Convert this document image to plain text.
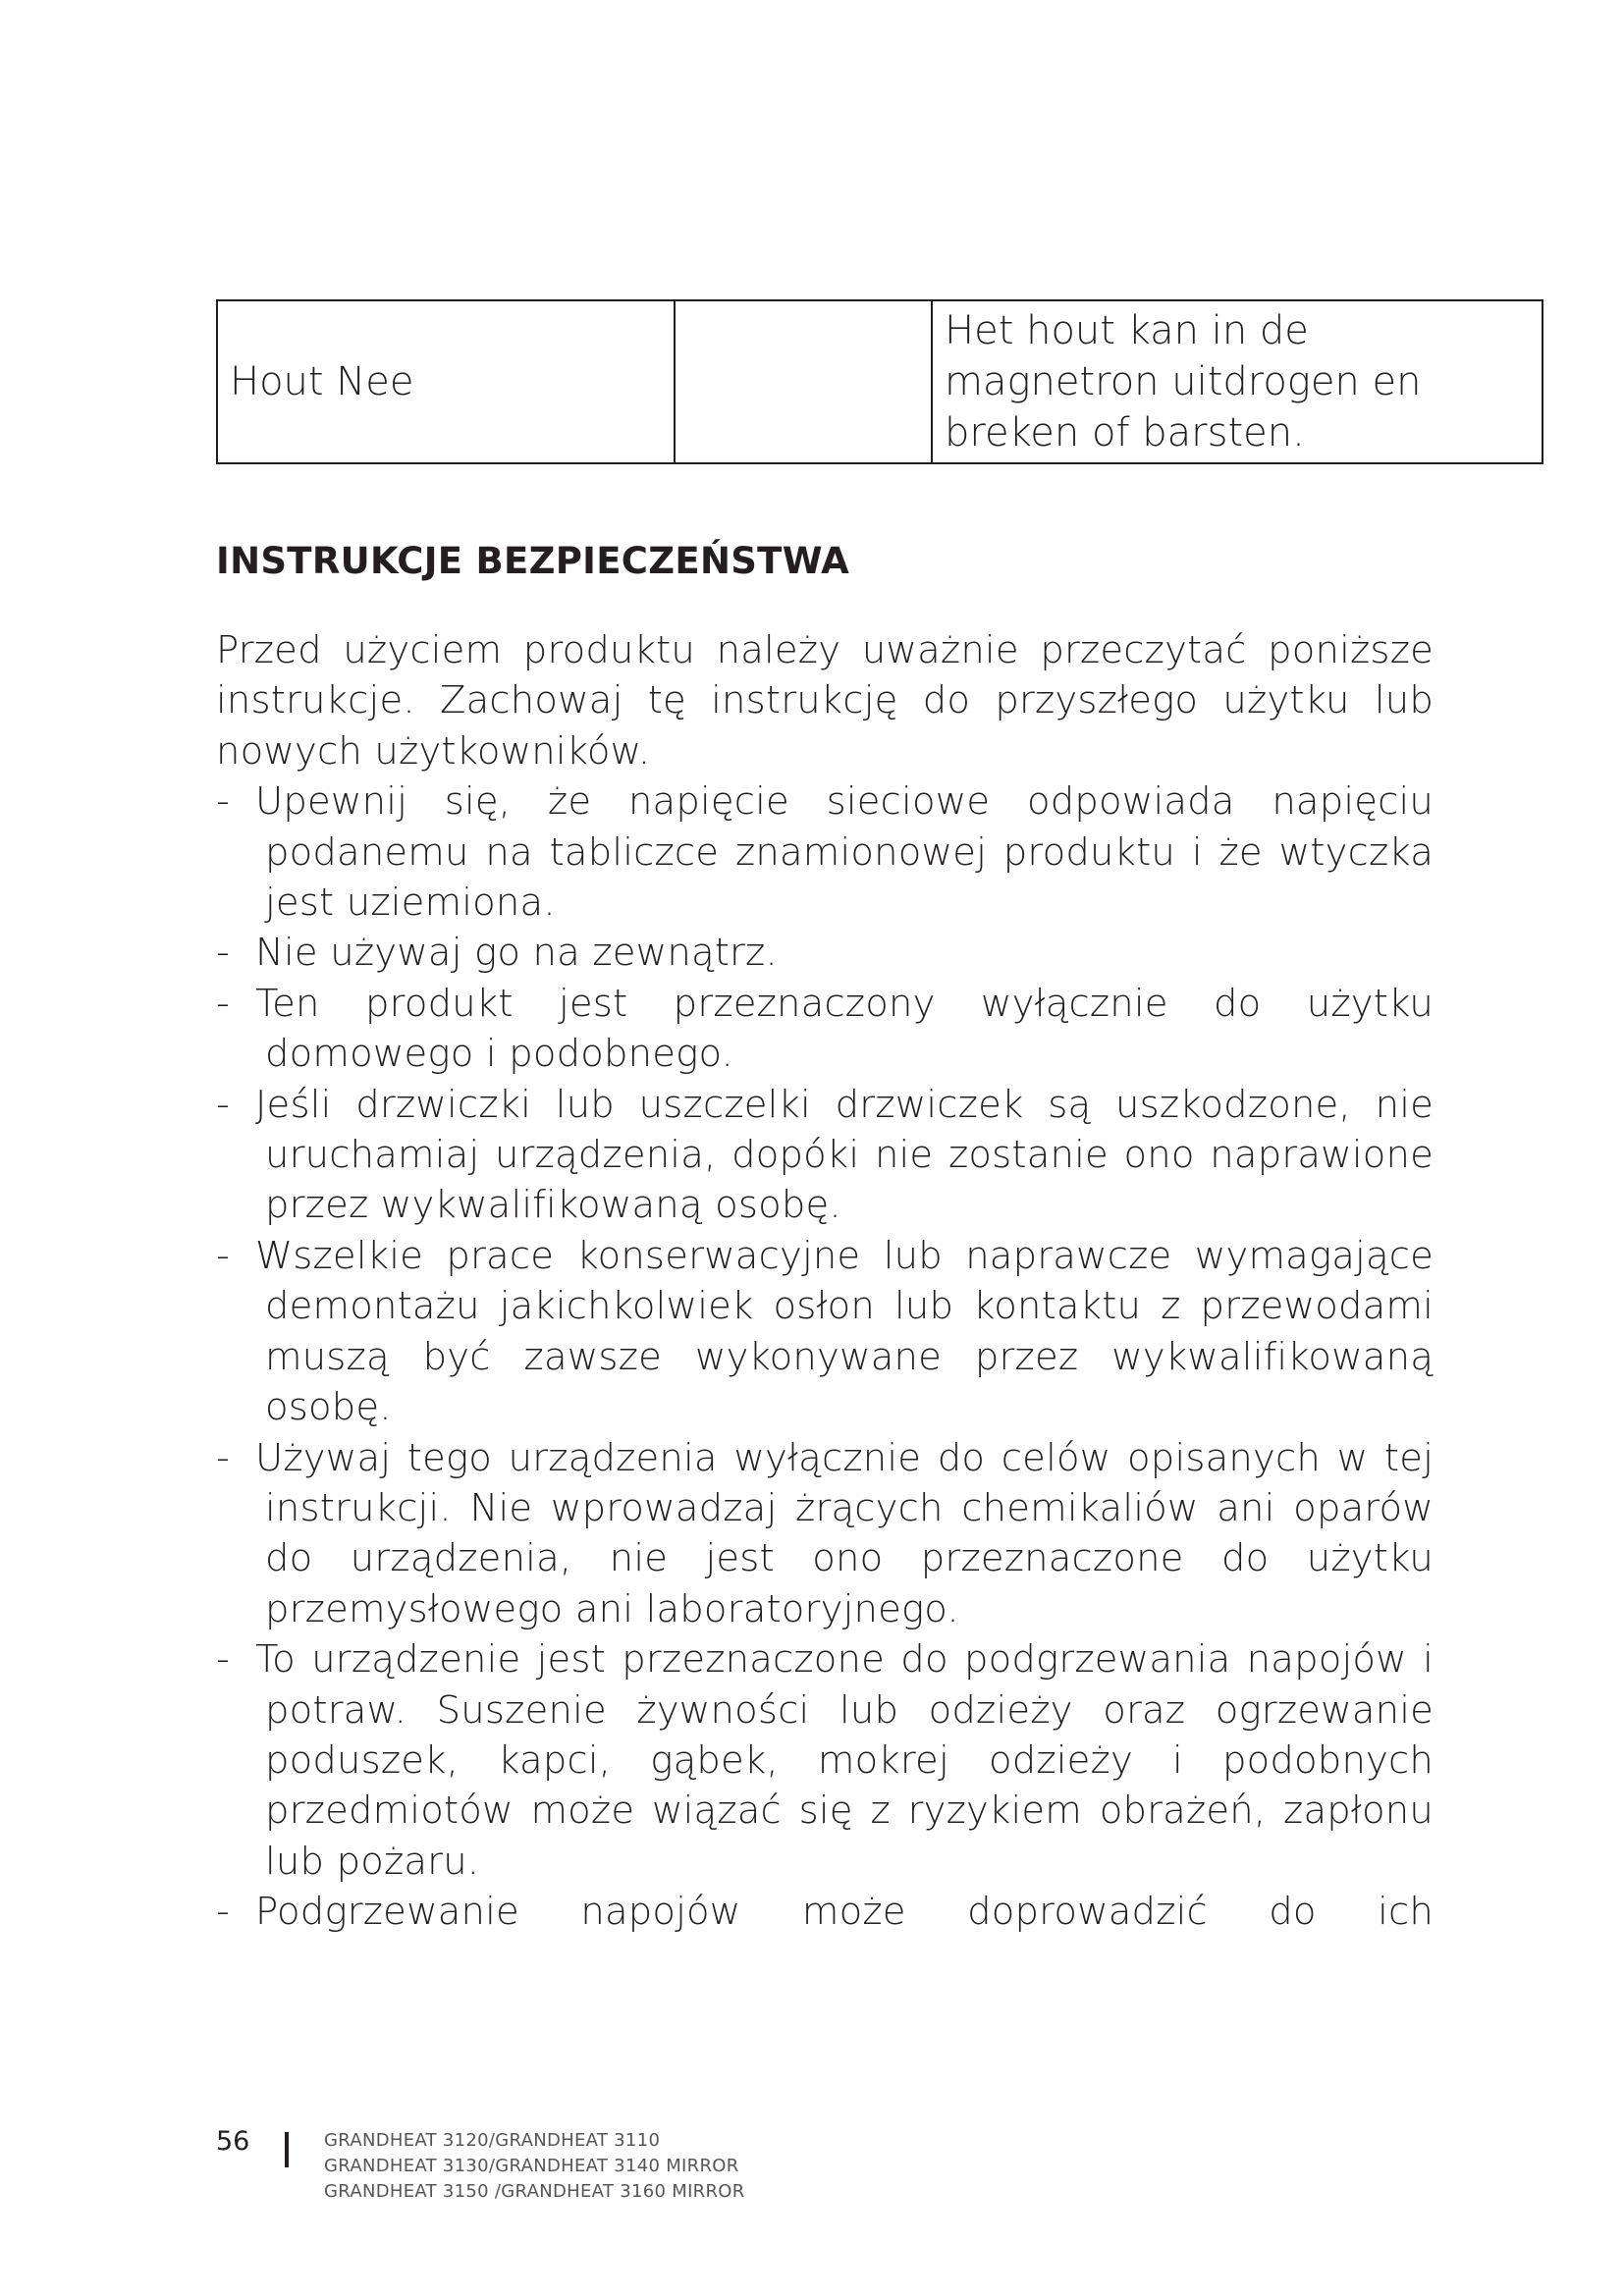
Hout Nee		Het hout kan in de magnetron uitdrogen en breken of barsten.
INSTRUKCJE BEZPIECZEŃSTWA

Przed użyciem produktu należy uważnie przeczytać poniższe instrukcje. Zachowaj tę instrukcję do przyszłego użytku lub nowych użytkowników.

- Upewnij się, że napięcie sieciowe odpowiada napięciu podanemu na tabliczce znamionowej produktu i że wtyczka jest uziemiona.
- Nie używaj go na zewnątrz.
- Ten produkt jest przeznaczony wyłącznie do użytku domowego i podobnego.
- Jeśli drzwiczki lub uszczelki drzwiczek są uszkodzone, nie uruchamiaj urządzenia, dopóki nie zostanie ono naprawione przez wykwalifikowaną osobę.
- Wszelkie prace konserwacyjne lub naprawcze wymagające demontażu jakichkolwiek osłon lub kontaktu z przewodami muszą być zawsze wykonywane przez wykwalifikowaną osobę.
- Używaj tego urządzenia wyłącznie do celów opisanych w tej instrukcji. Nie wprowadzaj żrących chemikaliów ani oparów do urządzenia, nie jest ono przeznaczone do użytku przemysłowego ani laboratoryjnego.
- To urządzenie jest przeznaczone do podgrzewania napojów i potraw. Suszenie żywności lub odzieży oraz ogrzewanie poduszek, kapci, gąbek, mokrej odzieży i podobnych przedmiotów może wiązać się z ryzykiem obrażeń, zapłonu lub pożaru.
- Podgrzewanie napojów może doprowadzić do ich
56	GRANDHEAT 3120/GRANDHEAT 3110
GRANDHEAT 3130/GRANDHEAT 3140 MIRROR
GRANDHEAT 3150 /GRANDHEAT 3160 MIRROR
